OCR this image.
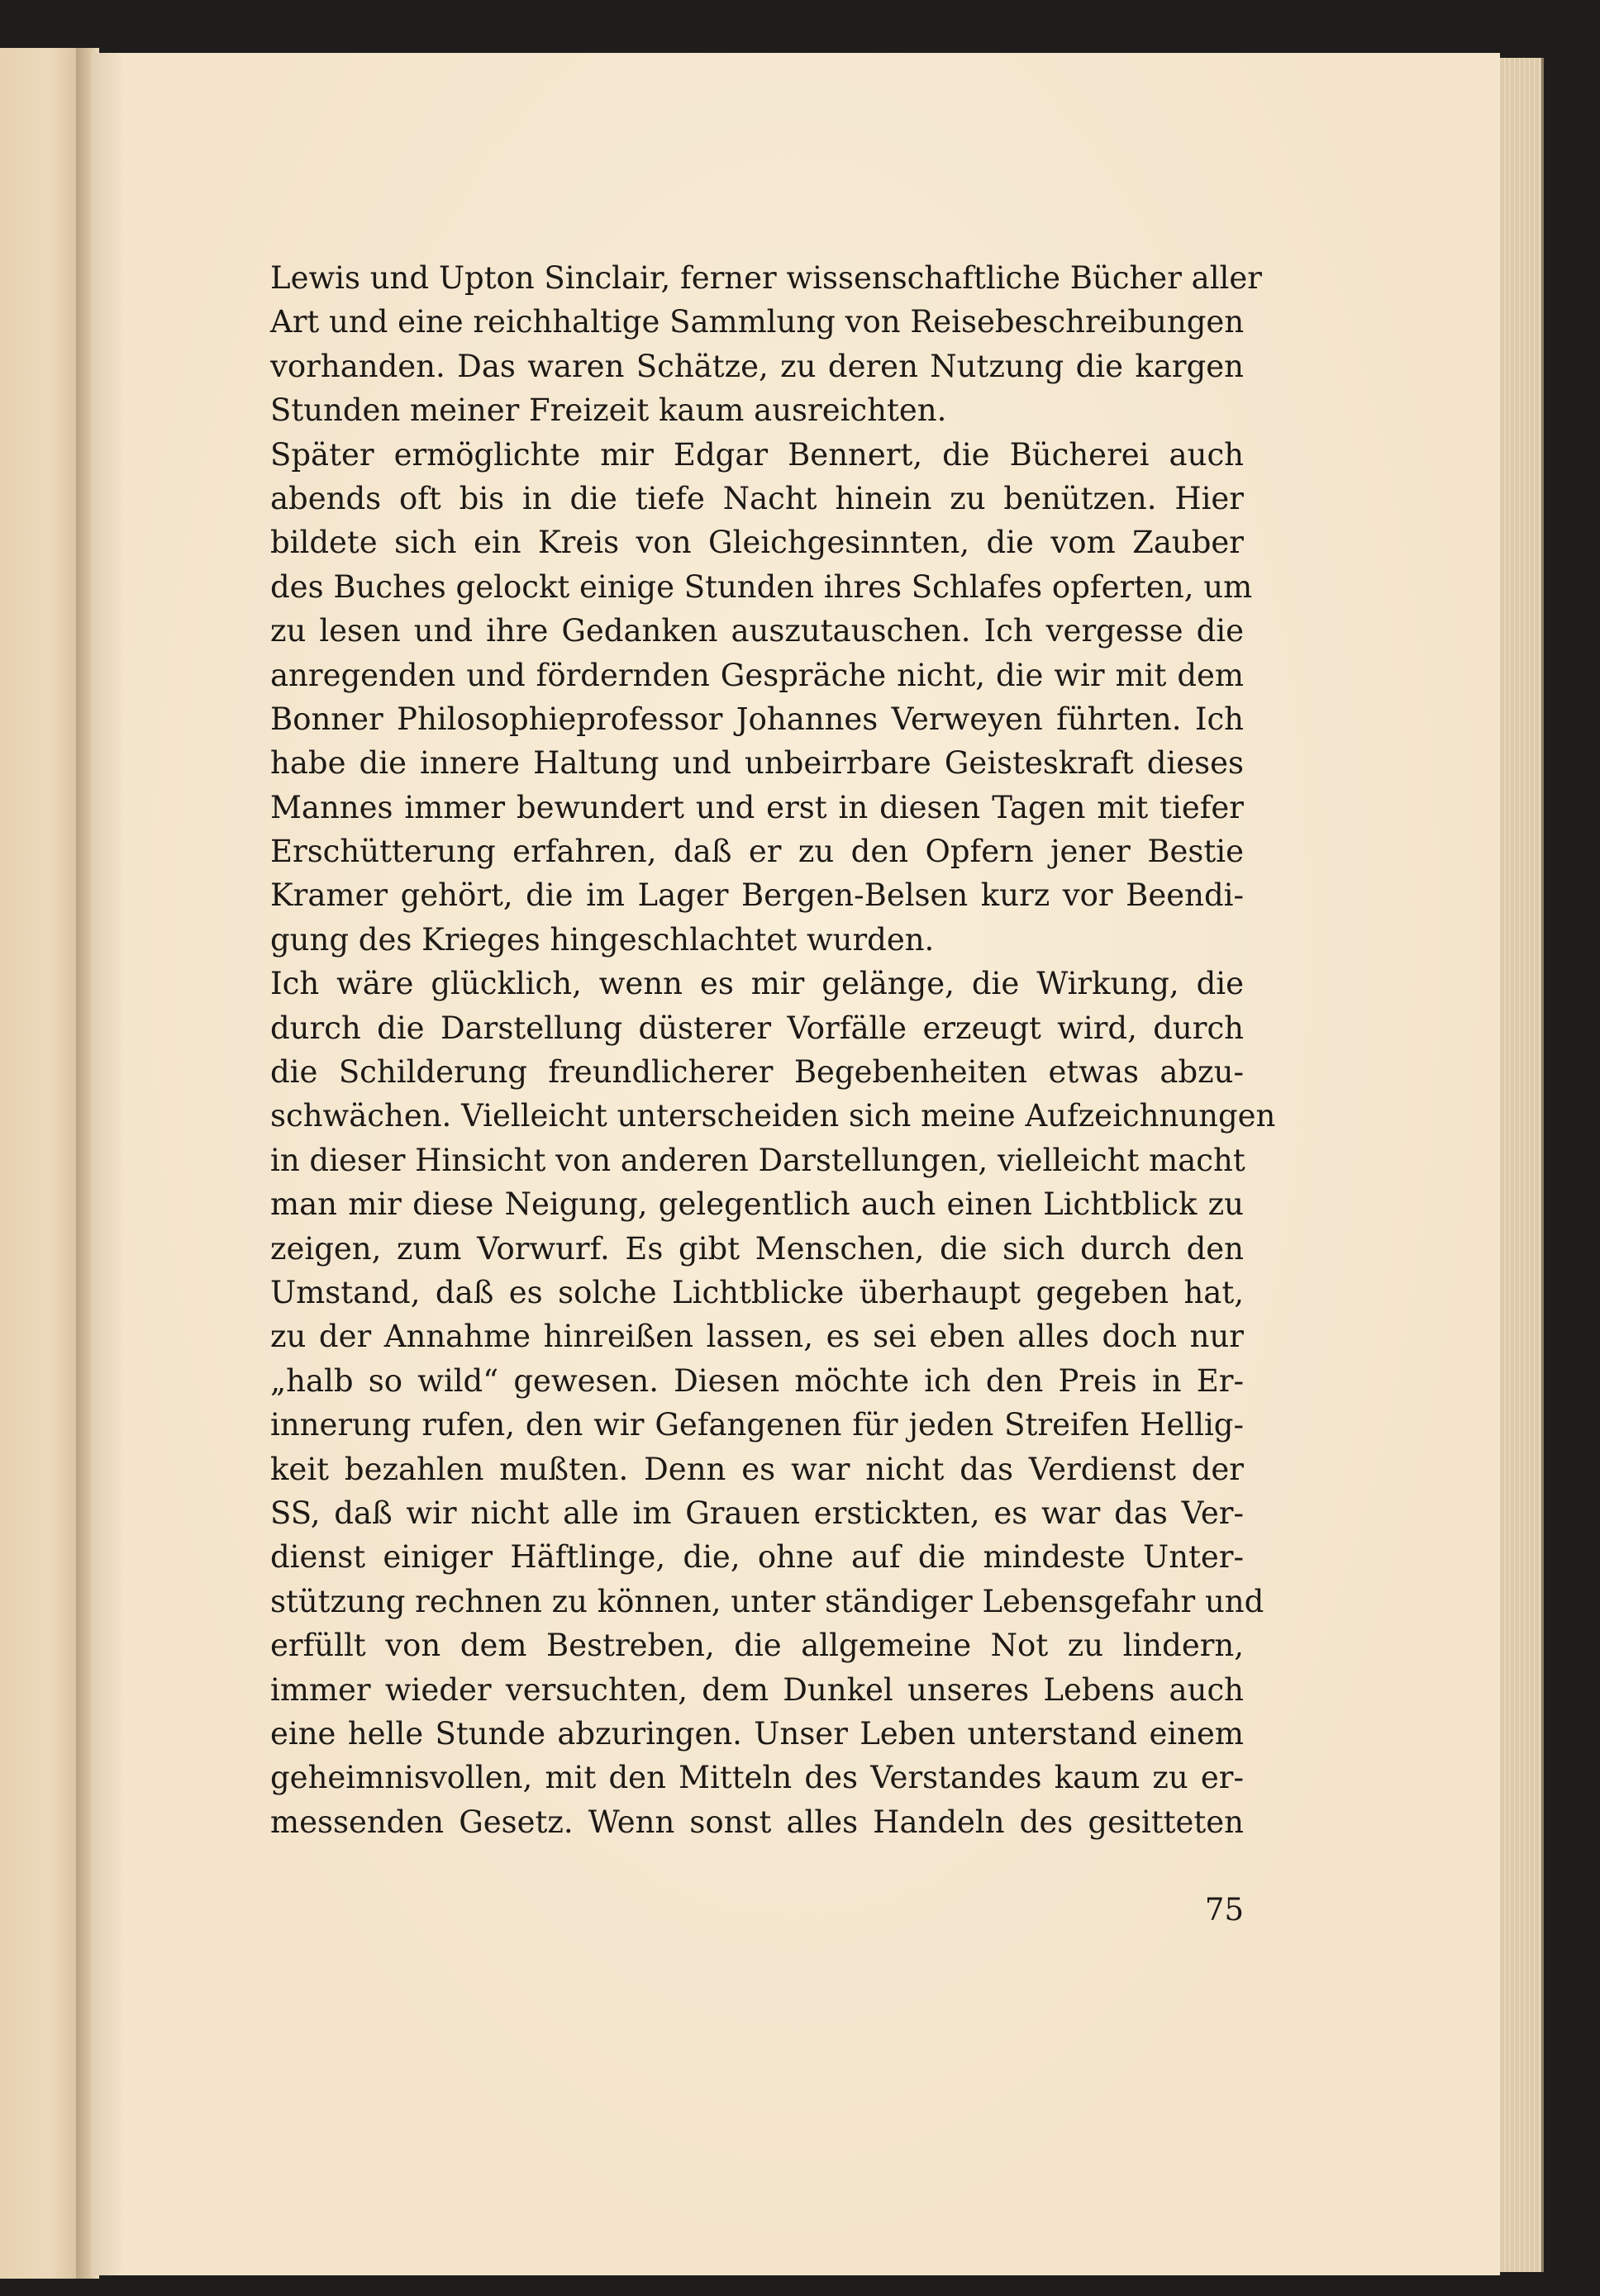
Lewis und Upton Sinclair, ferner wissenschaftliche Bücher aller
Art und eine reichhaltige Sammlung von Reisebeschreibungen
vorhanden. Das waren Schätze, zu deren Nutzung die kargen
Stunden meiner Freizeit kaum ausreichten.
Später ermöglichte mir Edgar Bennert, die Bücherei auch
abends oft bis in die tiefe Nacht hinein zu benützen. Hier
bildete sich ein Kreis von Gleichgesinnten, die vom Zauber
des Buches gelockt einige Stunden ihres Schlafes opferten, um
zu lesen und ihre Gedanken auszutauschen. Ich vergesse die
anregenden und fördernden Gespräche nicht, die wir mit dem
Bonner Philosophieprofessor Johannes Verweyen führten. Ich
habe die innere Haltung und unbeirrbare Geisteskraft dieses
Mannes immer bewundert und erst in diesen Tagen mit tiefer
Erschütterung erfahren, daß er zu den Opfern jener Bestie
Kramer gehört, die im Lager Bergen-Belsen kurz vor Beendi-
gung des Krieges hingeschlachtet wurden.
Ich wäre glücklich, wenn es mir gelänge, die Wirkung, die
durch die Darstellung düsterer Vorfälle erzeugt wird, durch
die Schilderung freundlicherer Begebenheiten etwas abzu-
schwächen. Vielleicht unterscheiden sich meine Aufzeichnungen
in dieser Hinsicht von anderen Darstellungen, vielleicht macht
man mir diese Neigung, gelegentlich auch einen Lichtblick zu
zeigen, zum Vorwurf. Es gibt Menschen, die sich durch den
Umstand, daß es solche Lichtblicke überhaupt gegeben hat,
zu der Annahme hinreißen lassen, es sei eben alles doch nur
„halb so wild“ gewesen. Diesen möchte ich den Preis in Er-
innerung rufen, den wir Gefangenen für jeden Streifen Hellig-
keit bezahlen mußten. Denn es war nicht das Verdienst der
SS, daß wir nicht alle im Grauen erstickten, es war das Ver-
dienst einiger Häftlinge, die, ohne auf die mindeste Unter-
stützung rechnen zu können, unter ständiger Lebensgefahr und
erfüllt von dem Bestreben, die allgemeine Not zu lindern,
immer wieder versuchten, dem Dunkel unseres Lebens auch
eine helle Stunde abzuringen. Unser Leben unterstand einem
geheimnisvollen, mit den Mitteln des Verstandes kaum zu er-
messenden Gesetz. Wenn sonst alles Handeln des gesitteten
75
